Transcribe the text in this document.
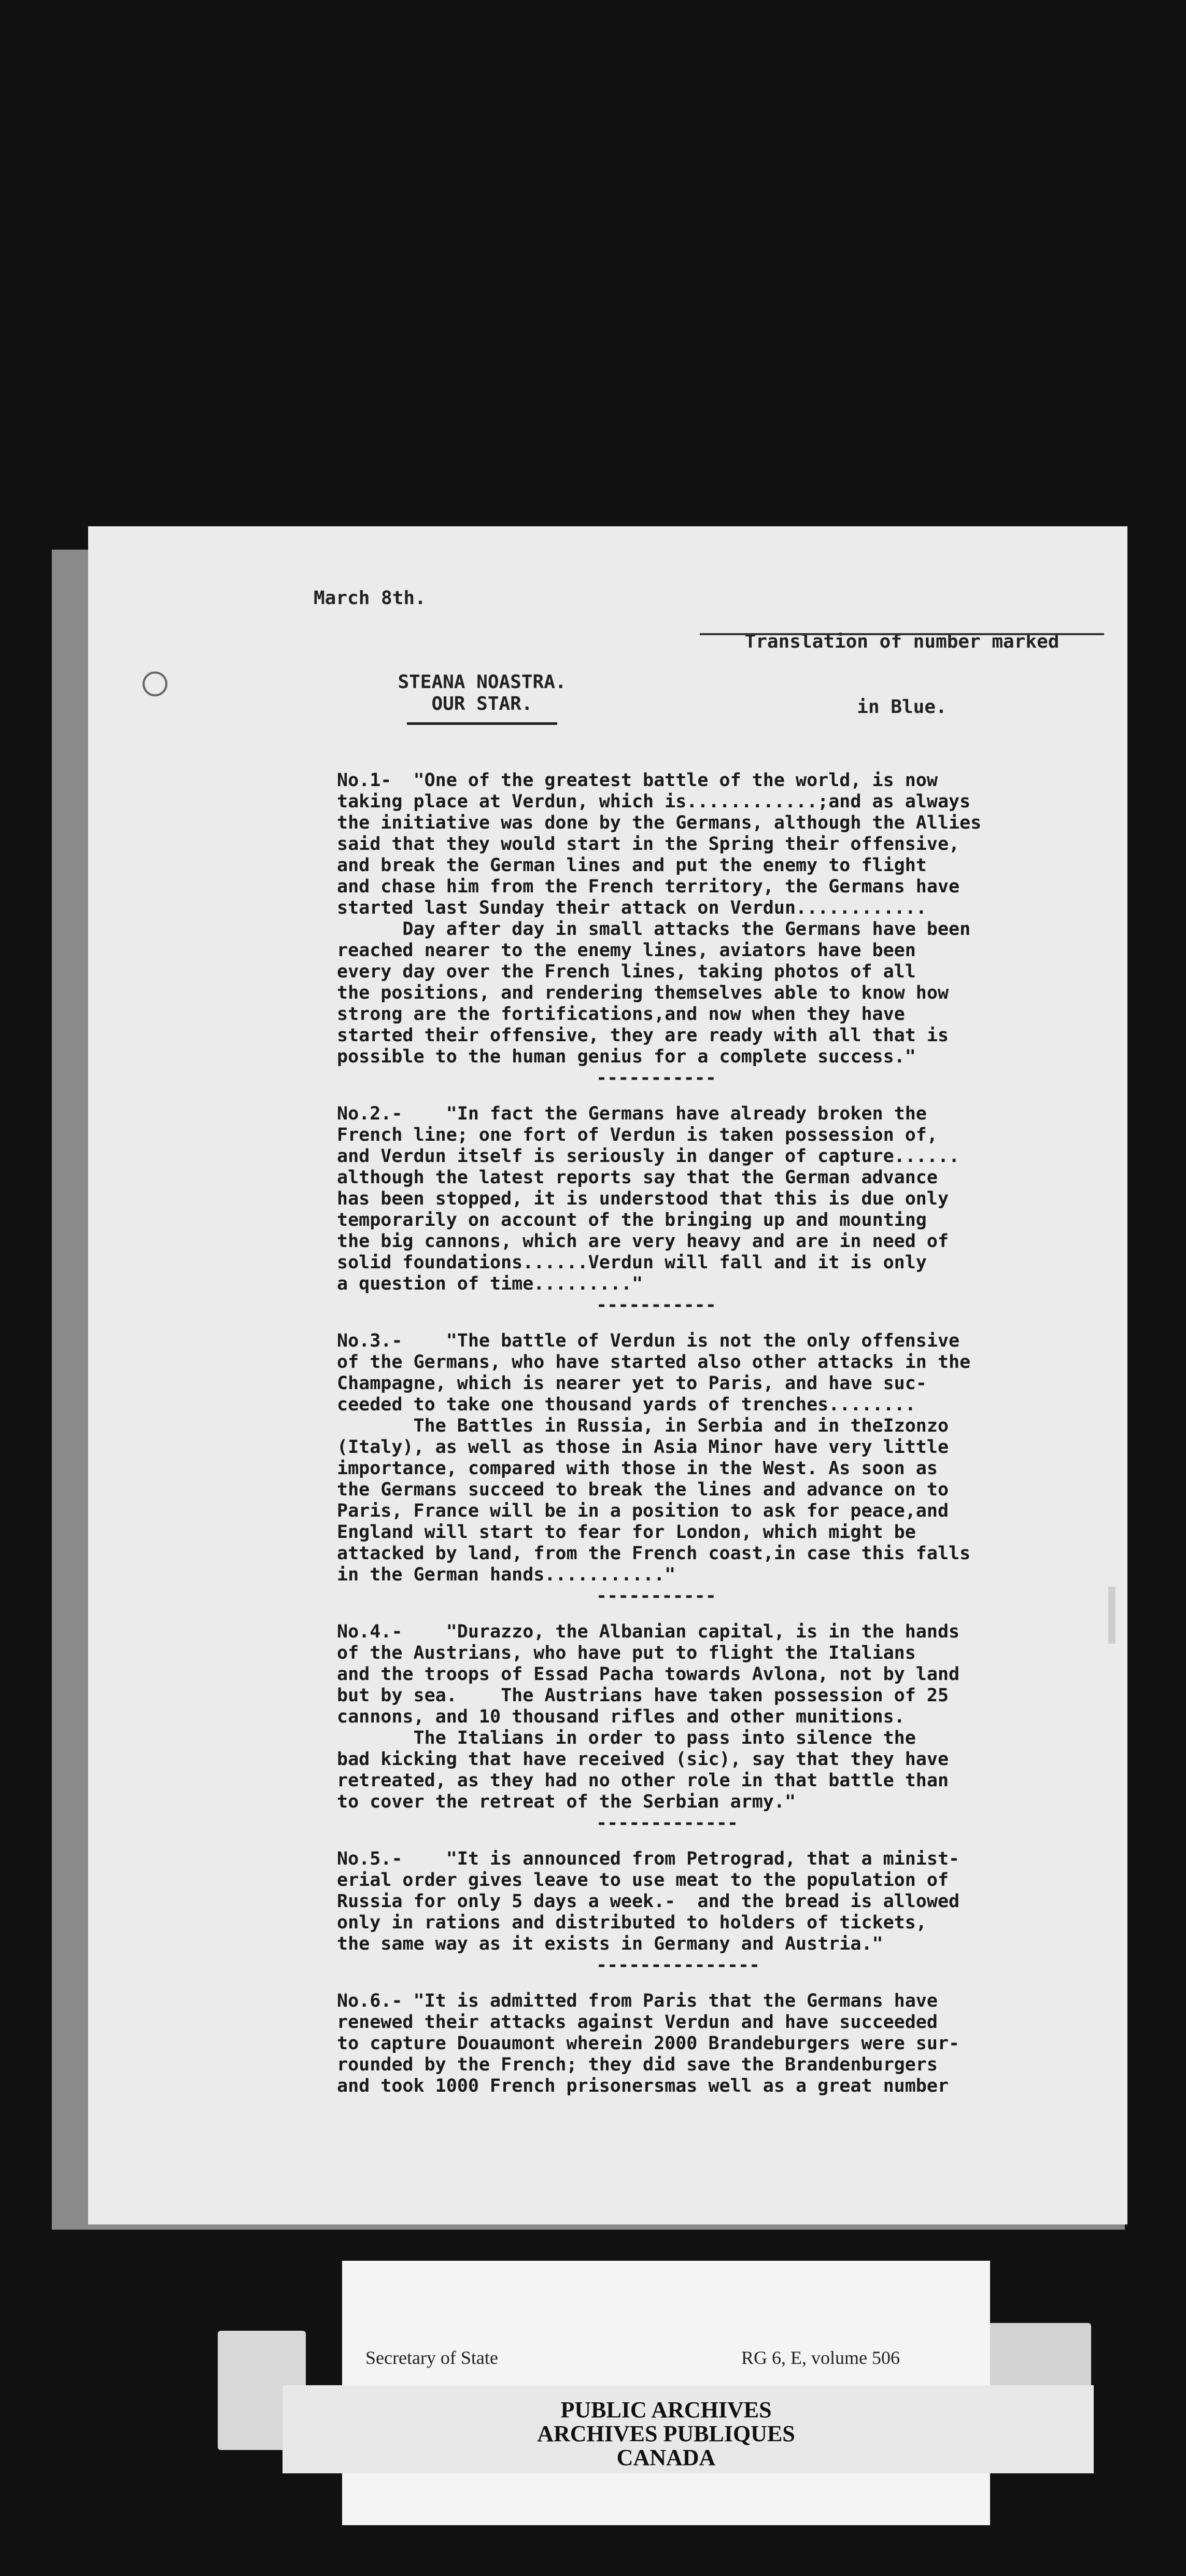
March 8th.

Translation of number marked

in Blue.

STEANA NOASTRA.
OUR STAR.
No.1-  "One of the greatest battle of the world, is now
taking place at Verdun, which is............;and as always
the initiative was done by the Germans, although the Allies
said that they would start in the Spring their offensive,
and break the German lines and put the enemy to flight
and chase him from the French territory, the Germans have
started last Sunday their attack on Verdun............
Day after day in small attacks the Germans have been
reached nearer to the enemy lines, aviators have been
every day over the French lines, taking photos of all
the positions, and rendering themselves able to know how
strong are the fortifications,and now when they have
started their offensive, they are ready with all that is
possible to the human genius for a complete success."
-----------
No.2.-    "In fact the Germans have already broken the
French line; one fort of Verdun is taken possession of,
and Verdun itself is seriously in danger of capture......
although the latest reports say that the German advance
has been stopped, it is understood that this is due only
temporarily on account of the bringing up and mounting
the big cannons, which are very heavy and are in need of
solid foundations......Verdun will fall and it is only
a question of time........."
-----------
No.3.-    "The battle of Verdun is not the only offensive
of the Germans, who have started also other attacks in the
Champagne, which is nearer yet to Paris, and have suc-
ceeded to take one thousand yards of trenches........
The Battles in Russia, in Serbia and in theIzonzo
(Italy), as well as those in Asia Minor have very little
importance, compared with those in the West. As soon as
the Germans succeed to break the lines and advance on to
Paris, France will be in a position to ask for peace,and
England will start to fear for London, which might be
attacked by land, from the French coast,in case this falls
in the German hands..........."
-----------
No.4.-    "Durazzo, the Albanian capital, is in the hands
of the Austrians, who have put to flight the Italians
and the troops of Essad Pacha towards Avlona, not by land
but by sea.    The Austrians have taken possession of 25
cannons, and 10 thousand rifles and other munitions.
The Italians in order to pass into silence the
bad kicking that have received (sic), say that they have
retreated, as they had no other role in that battle than
to cover the retreat of the Serbian army."
-------------
No.5.-    "It is announced from Petrograd, that a minist-
erial order gives leave to use meat to the population of
Russia for only 5 days a week.-  and the bread is allowed
only in rations and distributed to holders of tickets,
the same way as it exists in Germany and Austria."
---------------
No.6.- "It is admitted from Paris that the Germans have
renewed their attacks against Verdun and have succeeded
to capture Douaumont wherein 2000 Brandeburgers were sur-
rounded by the French; they did save the Brandenburgers
and took 1000 French prisonersmas well as a great number

Secretary of State

	RG 6, E, volume 506

PUBLIC ARCHIVES
ARCHIVES PUBLIQUES
CANADA
